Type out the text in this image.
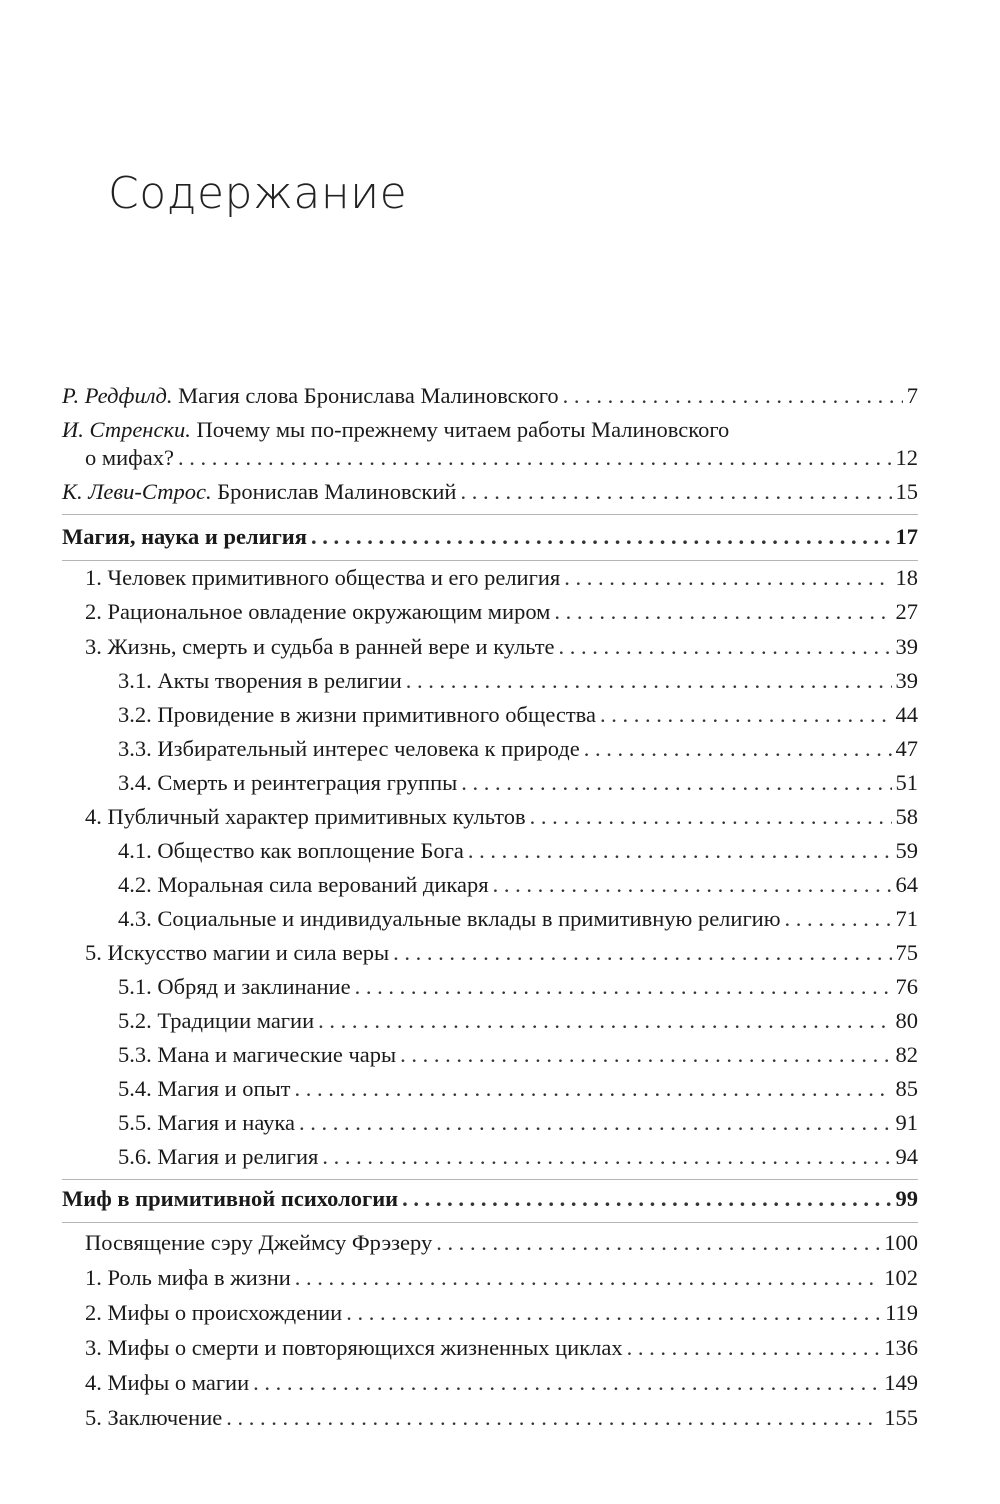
Содержание
Р. Редфилд. Магия слова Бронислава Малиновского . . .	7
И. Стренски. Почему мы по-прежнему читаем работы Малиновского
о мифах? . . .	12
К. Леви-Строс. Бронислав Малиновский . . .	15
Магия, наука и религия . . .	17
1. Человек примитивного общества и его религия . . .	18
2. Рациональное овладение окружающим миром . . .	27
3. Жизнь, смерть и судьба в ранней вере и культе . . .	39
3.1. Акты творения в религии . . .	39
3.2. Провидение в жизни примитивного общества . . .	44
3.3. Избирательный интерес человека к природе . . .	47
3.4. Смерть и реинтеграция группы . . .	51
4. Публичный характер примитивных культов . . .	58
4.1. Общество как воплощение Бога . . .	59
4.2. Моральная сила верований дикаря . . .	64
4.3. Социальные и индивидуальные вклады в примитивную религию . . .	71
5. Искусство магии и сила веры . . .	75
5.1. Обряд и заклинание . . .	76
5.2. Традиции магии . . .	80
5.3. Мана и магические чары . . .	82
5.4. Магия и опыт . . .	85
5.5. Магия и наука . . .	91
5.6. Магия и религия . . .	94
Миф в примитивной психологии . . .	99
Посвящение сэру Джеймсу Фрэзеру . . .	100
1. Роль мифа в жизни . . .	102
2. Мифы о происхождении . . .	119
3. Мифы о смерти и повторяющихся жизненных циклах . . .	136
4. Мифы о магии . . .	149
5. Заключение . . .	155
